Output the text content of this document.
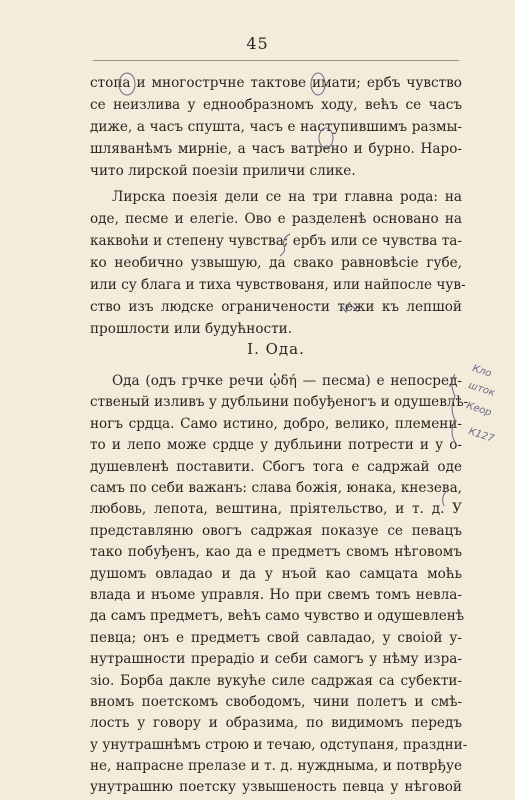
45
стопа и многострчне тактове имати; ербъ чувство
се неизлива у еднообразномъ ходу, већъ се часъ
диже, а часъ спушта, часъ е наступившимъ размы-
шляванѣмъ мирніе, а часъ ватрено и бурно. Наро-
чито лирской поезіи приличи слике.
Лирска поезія дели се на три главна рода: на
оде, песме и елегіе. Ово е разделенѣ основано на
каквоћи и степену чувства; ербъ или се чувства та-
ко необично узвышую, да свако равновѣсіе губе,
или су блага и тиха чувствованя, или найпосле чув-
ство изъ людске ограничености тежи къ лепшой
прошлости или будућности.
I. Ода.
Ода (одъ грчке речи ᾠδή — песма) е непосред-
ственый изливъ у дубльини побуђеногъ и одушевлѣ-
ногъ срдца. Само истино, добро, велико, племени-
то и лепо може срдце у дубльини потрести и у о-
душевленѣ поставити. Сбогъ тога е садржай оде
самъ по себи важанъ: слава божія, юнака, кнезева,
любовь, лепота, вештина, пріятельство, и т. д. У
представляню овогъ садржая показуе се певацъ
тако побуђенъ, као да е предметъ свомъ нѣговомъ
душомъ овладао и да у нъой као самцата моћь
влада и нъоме управля. Но при свемъ томъ невла-
да самъ предметъ, већъ само чувство и одушевленѣ
певца; онъ е предметъ свой савладао, у своіой у-
нутрашности прерадіо и себи самогъ у нѣму изра-
зіо. Борба дакле вукуће силе садржая са субекти-
вномъ поетскомъ свободомъ, чини полетъ и смѣ-
лость у говору и образима, по видимомъ передъ
у унутрашнѣмъ строю и течаю, одступаня, праздни-
не, напрасне прелазе и т. д. нуждныма, и потврђуе
унутрашню поетску узвышеность певца у нѣговой
Кло
шток
Кеор
К127
